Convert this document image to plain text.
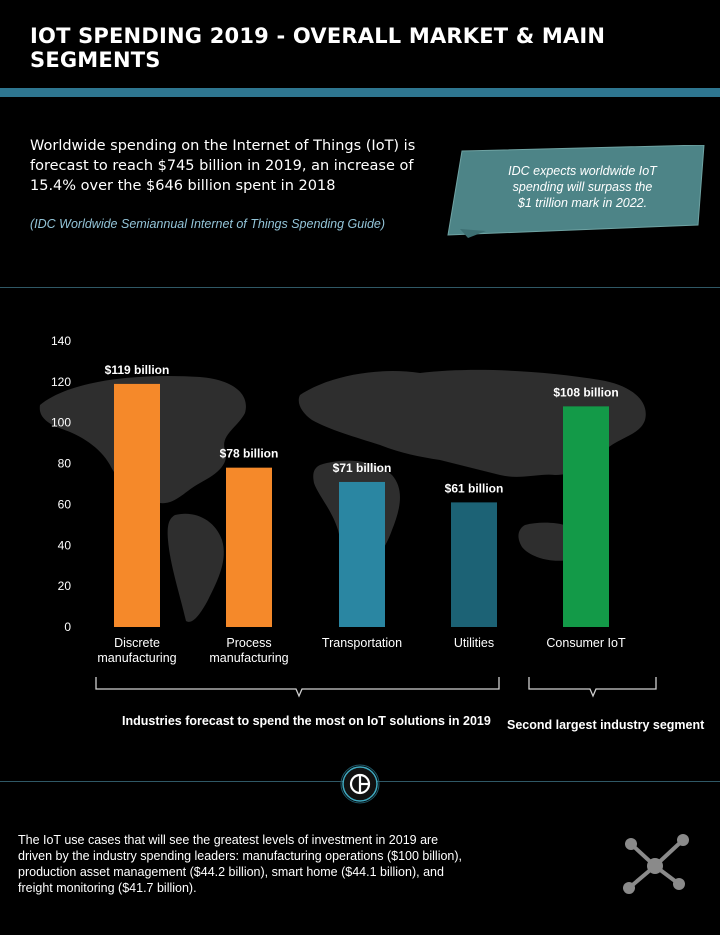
IOT SPENDING 2019 - OVERALL MARKET & MAIN SEGMENTS
Worldwide spending on the Internet of Things (IoT) is forecast to reach $745 billion in 2019, an increase of 15.4% over the $646 billion spent in 2018
(IDC Worldwide Semiannual Internet of Things Spending Guide)
IDC expects worldwide IoT
spending will surpass the
$1 trillion mark in 2022.
0
20
40
60
80
100
120
140
$119 billion
$78 billion
$71 billion
$61 billion
$108 billion
Discrete
manufacturing
Process
manufacturing
Transportation	Utilities	Consumer IoT
Industries forecast to spend the most on IoT solutions in 2019 Second largest industry segment
The IoT use cases that will see the greatest levels of investment in 2019 are driven by the industry spending leaders: manufacturing operations ($100 billion), production asset management ($44.2 billion), smart home ($44.1 billion), and freight monitoring ($41.7 billion).
